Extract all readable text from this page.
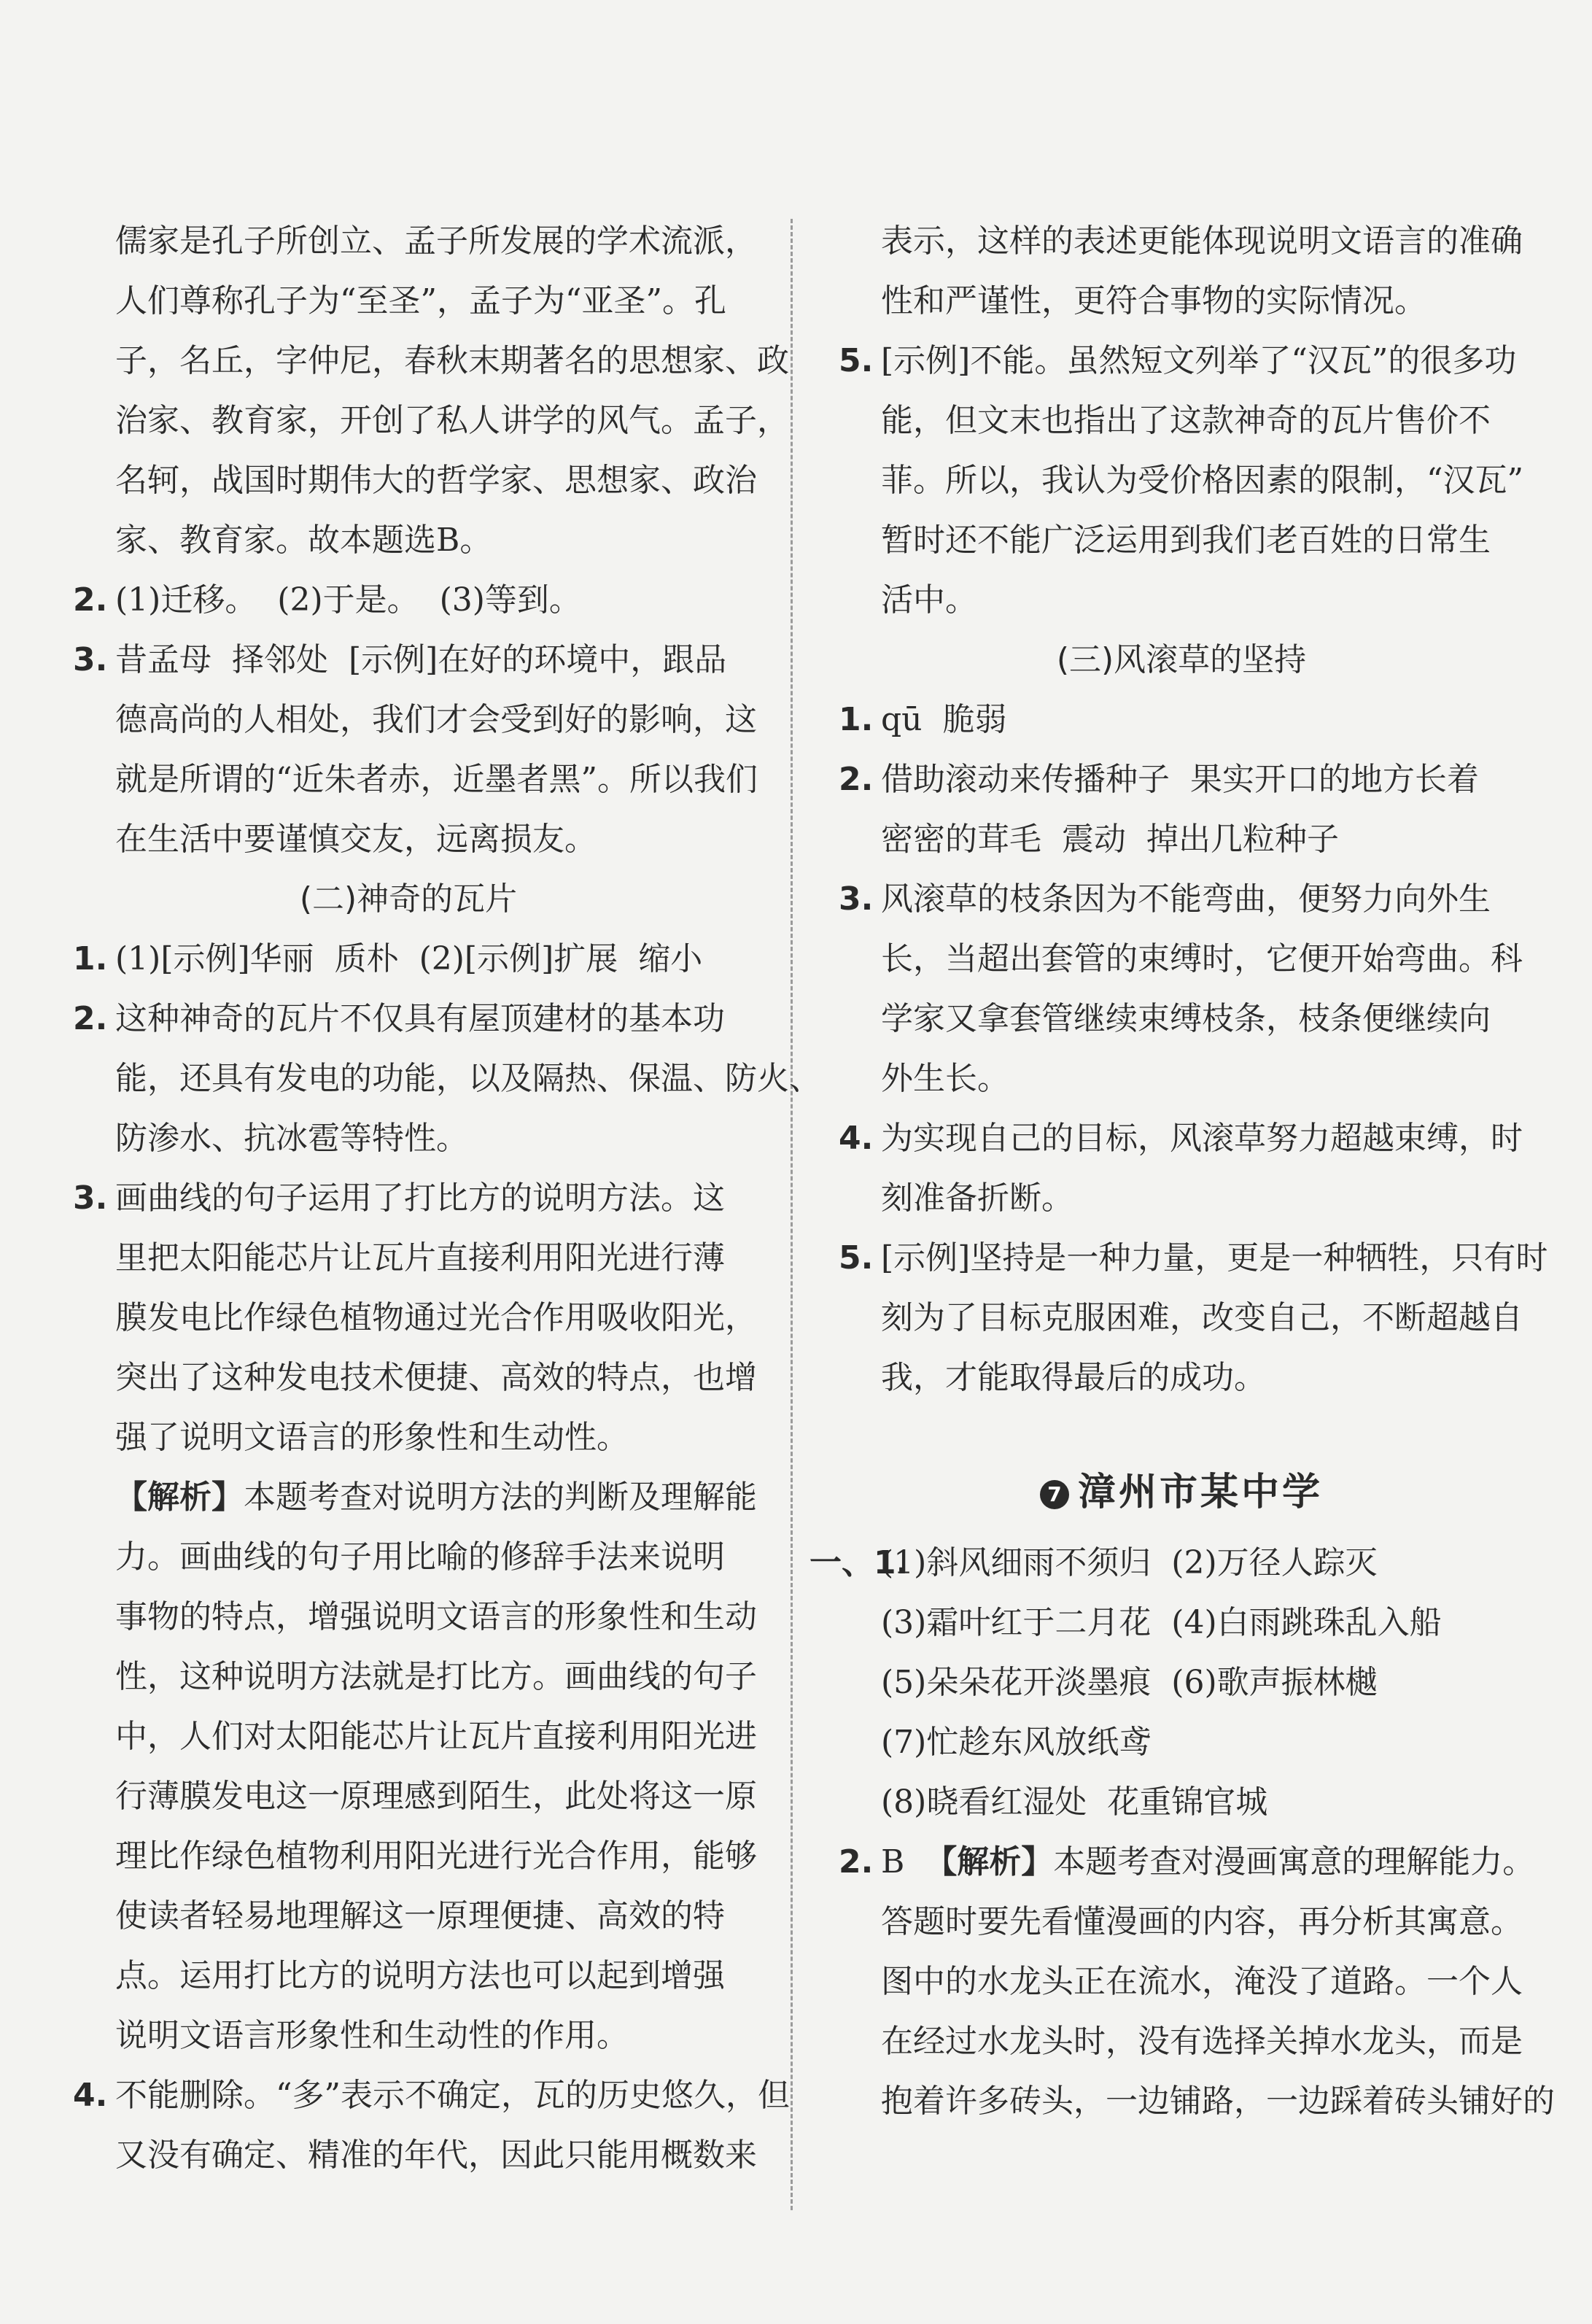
儒家是孔子所创立、孟子所发展的学术流派，
人们尊称孔子为“至圣”，孟子为“亚圣”。孔
子，名丘，字仲尼，春秋末期著名的思想家、政
治家、教育家，开创了私人讲学的风气。孟子，
名轲，战国时期伟大的哲学家、思想家、政治
家、教育家。故本题选B。
2. (1)迁移。  (2)于是。  (3)等到。
3. 昔孟母  择邻处  [示例]在好的环境中，跟品
德高尚的人相处，我们才会受到好的影响，这
就是所谓的“近朱者赤，近墨者黑”。所以我们
在生活中要谨慎交友，远离损友。
(二)神奇的瓦片
1. (1)[示例]华丽  质朴  (2)[示例]扩展  缩小
2. 这种神奇的瓦片不仅具有屋顶建材的基本功
能，还具有发电的功能，以及隔热、保温、防火、
防渗水、抗冰雹等特性。
3. 画曲线的句子运用了打比方的说明方法。这
里把太阳能芯片让瓦片直接利用阳光进行薄
膜发电比作绿色植物通过光合作用吸收阳光，
突出了这种发电技术便捷、高效的特点，也增
强了说明文语言的形象性和生动性。
【解析】本题考查对说明方法的判断及理解能
力。画曲线的句子用比喻的修辞手法来说明
事物的特点，增强说明文语言的形象性和生动
性，这种说明方法就是打比方。画曲线的句子
中，人们对太阳能芯片让瓦片直接利用阳光进
行薄膜发电这一原理感到陌生，此处将这一原
理比作绿色植物利用阳光进行光合作用，能够
使读者轻易地理解这一原理便捷、高效的特
点。运用打比方的说明方法也可以起到增强
说明文语言形象性和生动性的作用。
4. 不能删除。“多”表示不确定，瓦的历史悠久，但
又没有确定、精准的年代，因此只能用概数来
表示，这样的表述更能体现说明文语言的准确
性和严谨性，更符合事物的实际情况。
5. [示例]不能。虽然短文列举了“汉瓦”的很多功
能，但文末也指出了这款神奇的瓦片售价不
菲。所以，我认为受价格因素的限制，“汉瓦”
暂时还不能广泛运用到我们老百姓的日常生
活中。
(三)风滚草的坚持
1. qū  脆弱
2. 借助滚动来传播种子  果实开口的地方长着
密密的茸毛  震动  掉出几粒种子
3. 风滚草的枝条因为不能弯曲，便努力向外生
长，当超出套管的束缚时，它便开始弯曲。科
学家又拿套管继续束缚枝条，枝条便继续向
外生长。
4. 为实现自己的目标，风滚草努力超越束缚，时
刻准备折断。
5. [示例]坚持是一种力量，更是一种牺牲，只有时
刻为了目标克服困难，改变自己，不断超越自
我，才能取得最后的成功。
7 漳州市某中学
一、1.(1)斜风细雨不须归  (2)万径人踪灭
(3)霜叶红于二月花  (4)白雨跳珠乱入船
(5)朵朵花开淡墨痕  (6)歌声振林樾
(7)忙趁东风放纸鸢
(8)晓看红湿处  花重锦官城
2. B  【解析】本题考查对漫画寓意的理解能力。
答题时要先看懂漫画的内容，再分析其寓意。
图中的水龙头正在流水，淹没了道路。一个人
在经过水龙头时，没有选择关掉水龙头，而是
抱着许多砖头，一边铺路，一边踩着砖头铺好的
